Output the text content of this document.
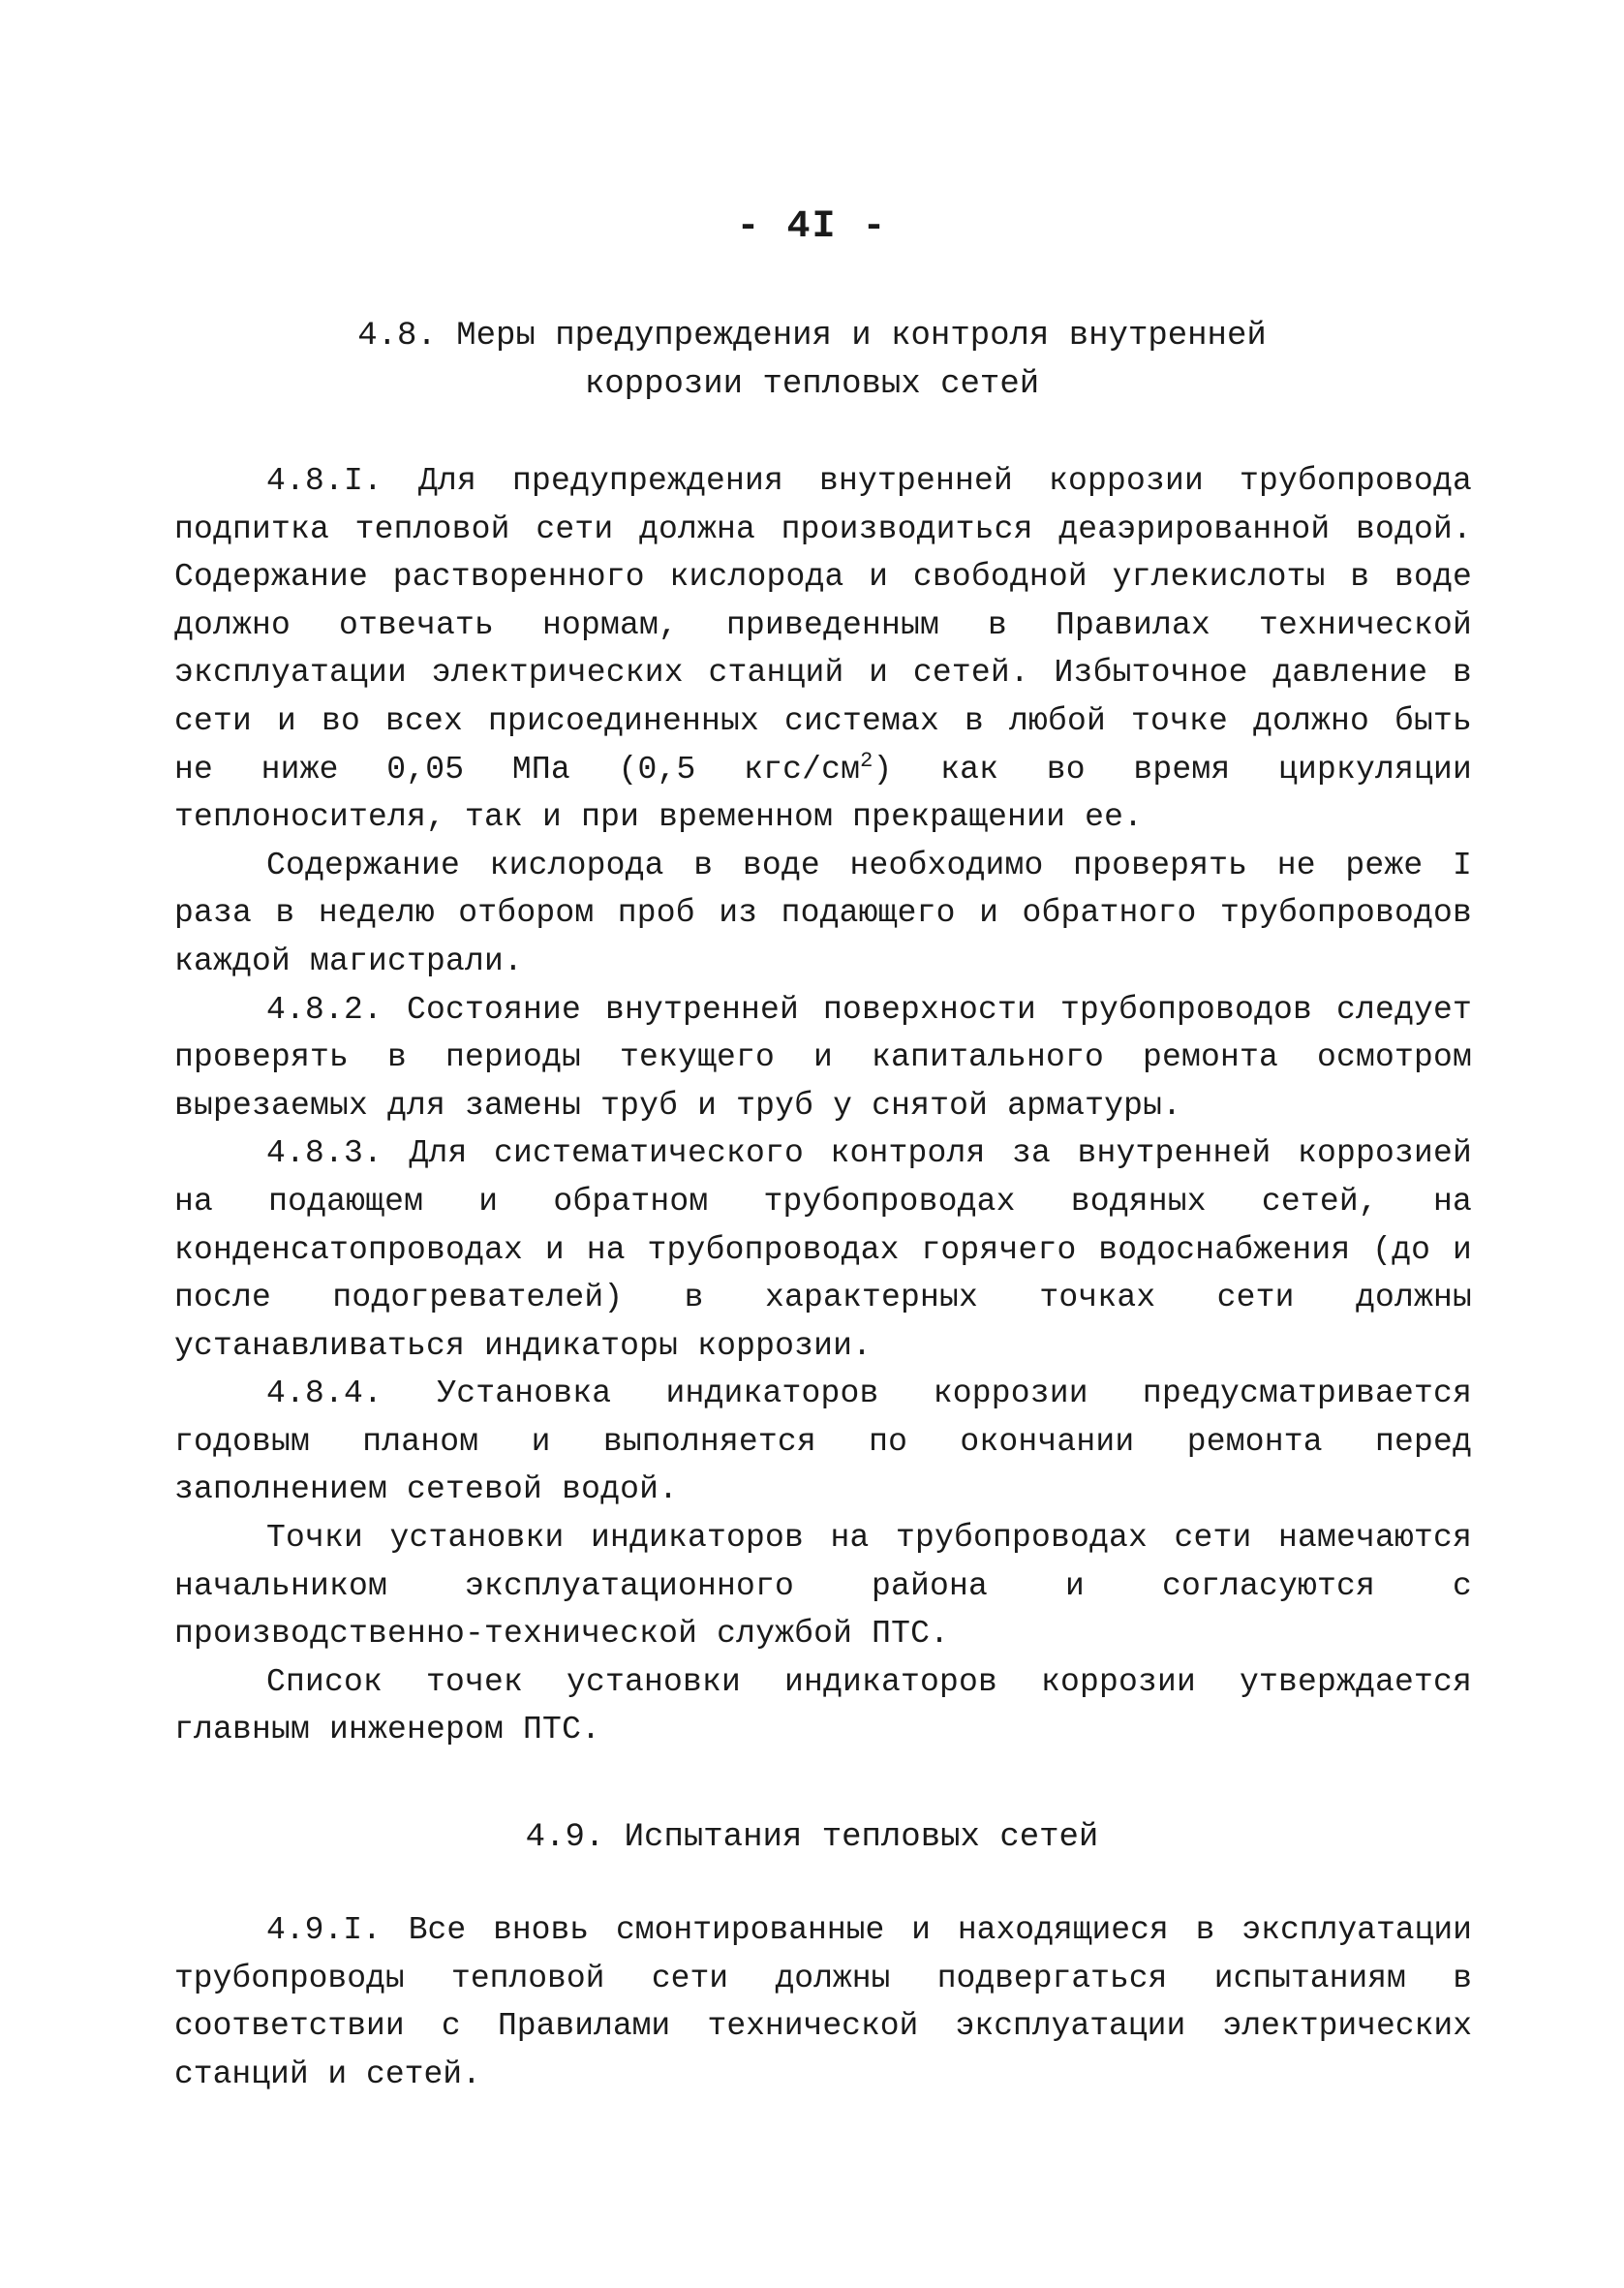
- 4I -
4.8. Меры предупреждения и контроля внутренней
коррозии тепловых сетей

4.8.I. Для предупреждения внутренней коррозии трубопровода подпитка тепловой сети должна производиться деаэрированной водой. Содержание растворенного кислорода и свободной углекислоты в воде должно отвечать нормам, приведенным в Правилах технической эксплуатации электрических станций и сетей. Избыточное давление в сети и во всех присоединенных системах в любой точке должно быть не ниже 0,05 МПа (0,5 кгс/$см^2$) как во время циркуляции теплоносителя, так и при временном прекращении ее.

Содержание кислорода в воде необходимо проверять не реже I раза в неделю отбором проб из подающего и обратного трубопроводов каждой магистрали.

4.8.2. Состояние внутренней поверхности трубопроводов следует проверять в периоды текущего и капитального ремонта осмотром вырезаемых для замены труб и труб у снятой арматуры.

4.8.3. Для систематического контроля за внутренней коррозией на подающем и обратном трубопроводах водяных сетей, на конденсатопроводах и на трубопроводах горячего водоснабжения (до и после подогревателей) в характерных точках сети должны устанавливаться индикаторы коррозии.

4.8.4. Установка индикаторов коррозии предусматривается годовым планом и выполняется по окончании ремонта перед заполнением сетевой водой.

Точки установки индикаторов на трубопроводах сети намечаются начальником эксплуатационного района и согласуются с производственно-технической службой ПТС.

Список точек установки индикаторов коррозии утверждается главным инженером ПТС.

4.9. Испытания тепловых сетей

4.9.I. Все вновь смонтированные и находящиеся в эксплуатации трубопроводы тепловой сети должны подвергаться испытаниям в соответствии с Правилами технической эксплуатации электрических станций и сетей.
